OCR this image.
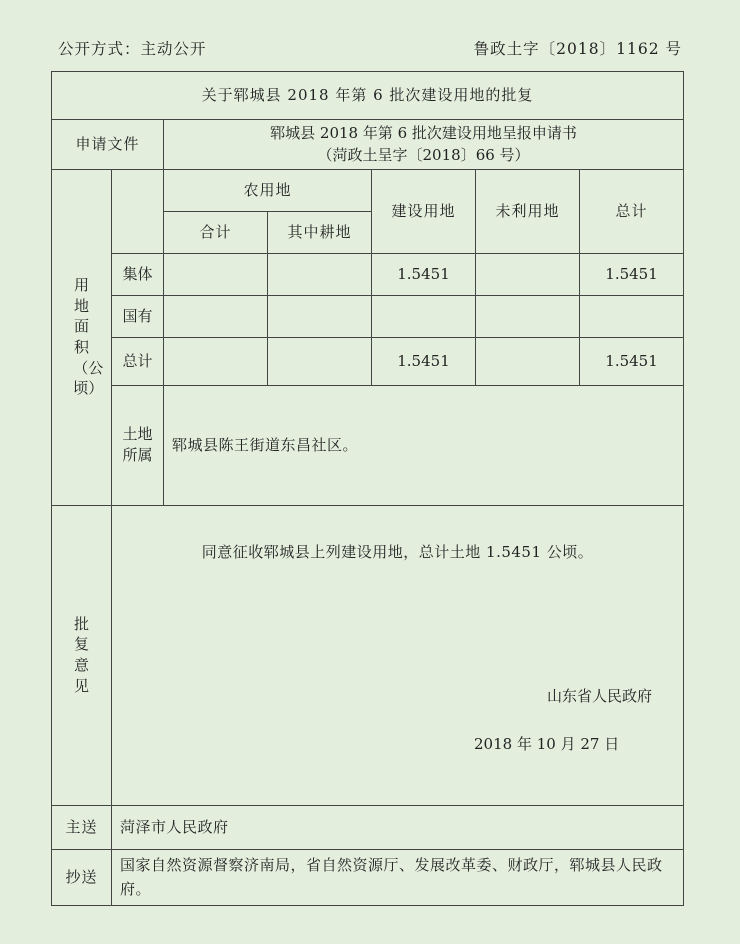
公开方式：主动公开	鲁政土字〔2018〕1162 号
关于郓城县 2018 年第 6 批次建设用地的批复						
申请文件		郓城县 2018 年第 6 批次建设用地呈报申请书
（菏政土呈字〔2018〕66 号）				

用地面积（公顷）		农用地		建设用地	未利用地	总计
		合计	其中耕地			
	集体			1.5451		1.5451
	国有					
	总计			1.5451		1.5451
	土地所属	郓城县陈王街道东昌社区。				
批复意见	同意征收郓城县上列建设用地，总计土地 1.5451 公顷。
山东省人民政府
2018 年 10 月 27 日					

主送	菏泽市人民政府					
抄送	国家自然资源督察济南局，省自然资源厅、发展改革委、财政厅，郓城县人民政府。					
